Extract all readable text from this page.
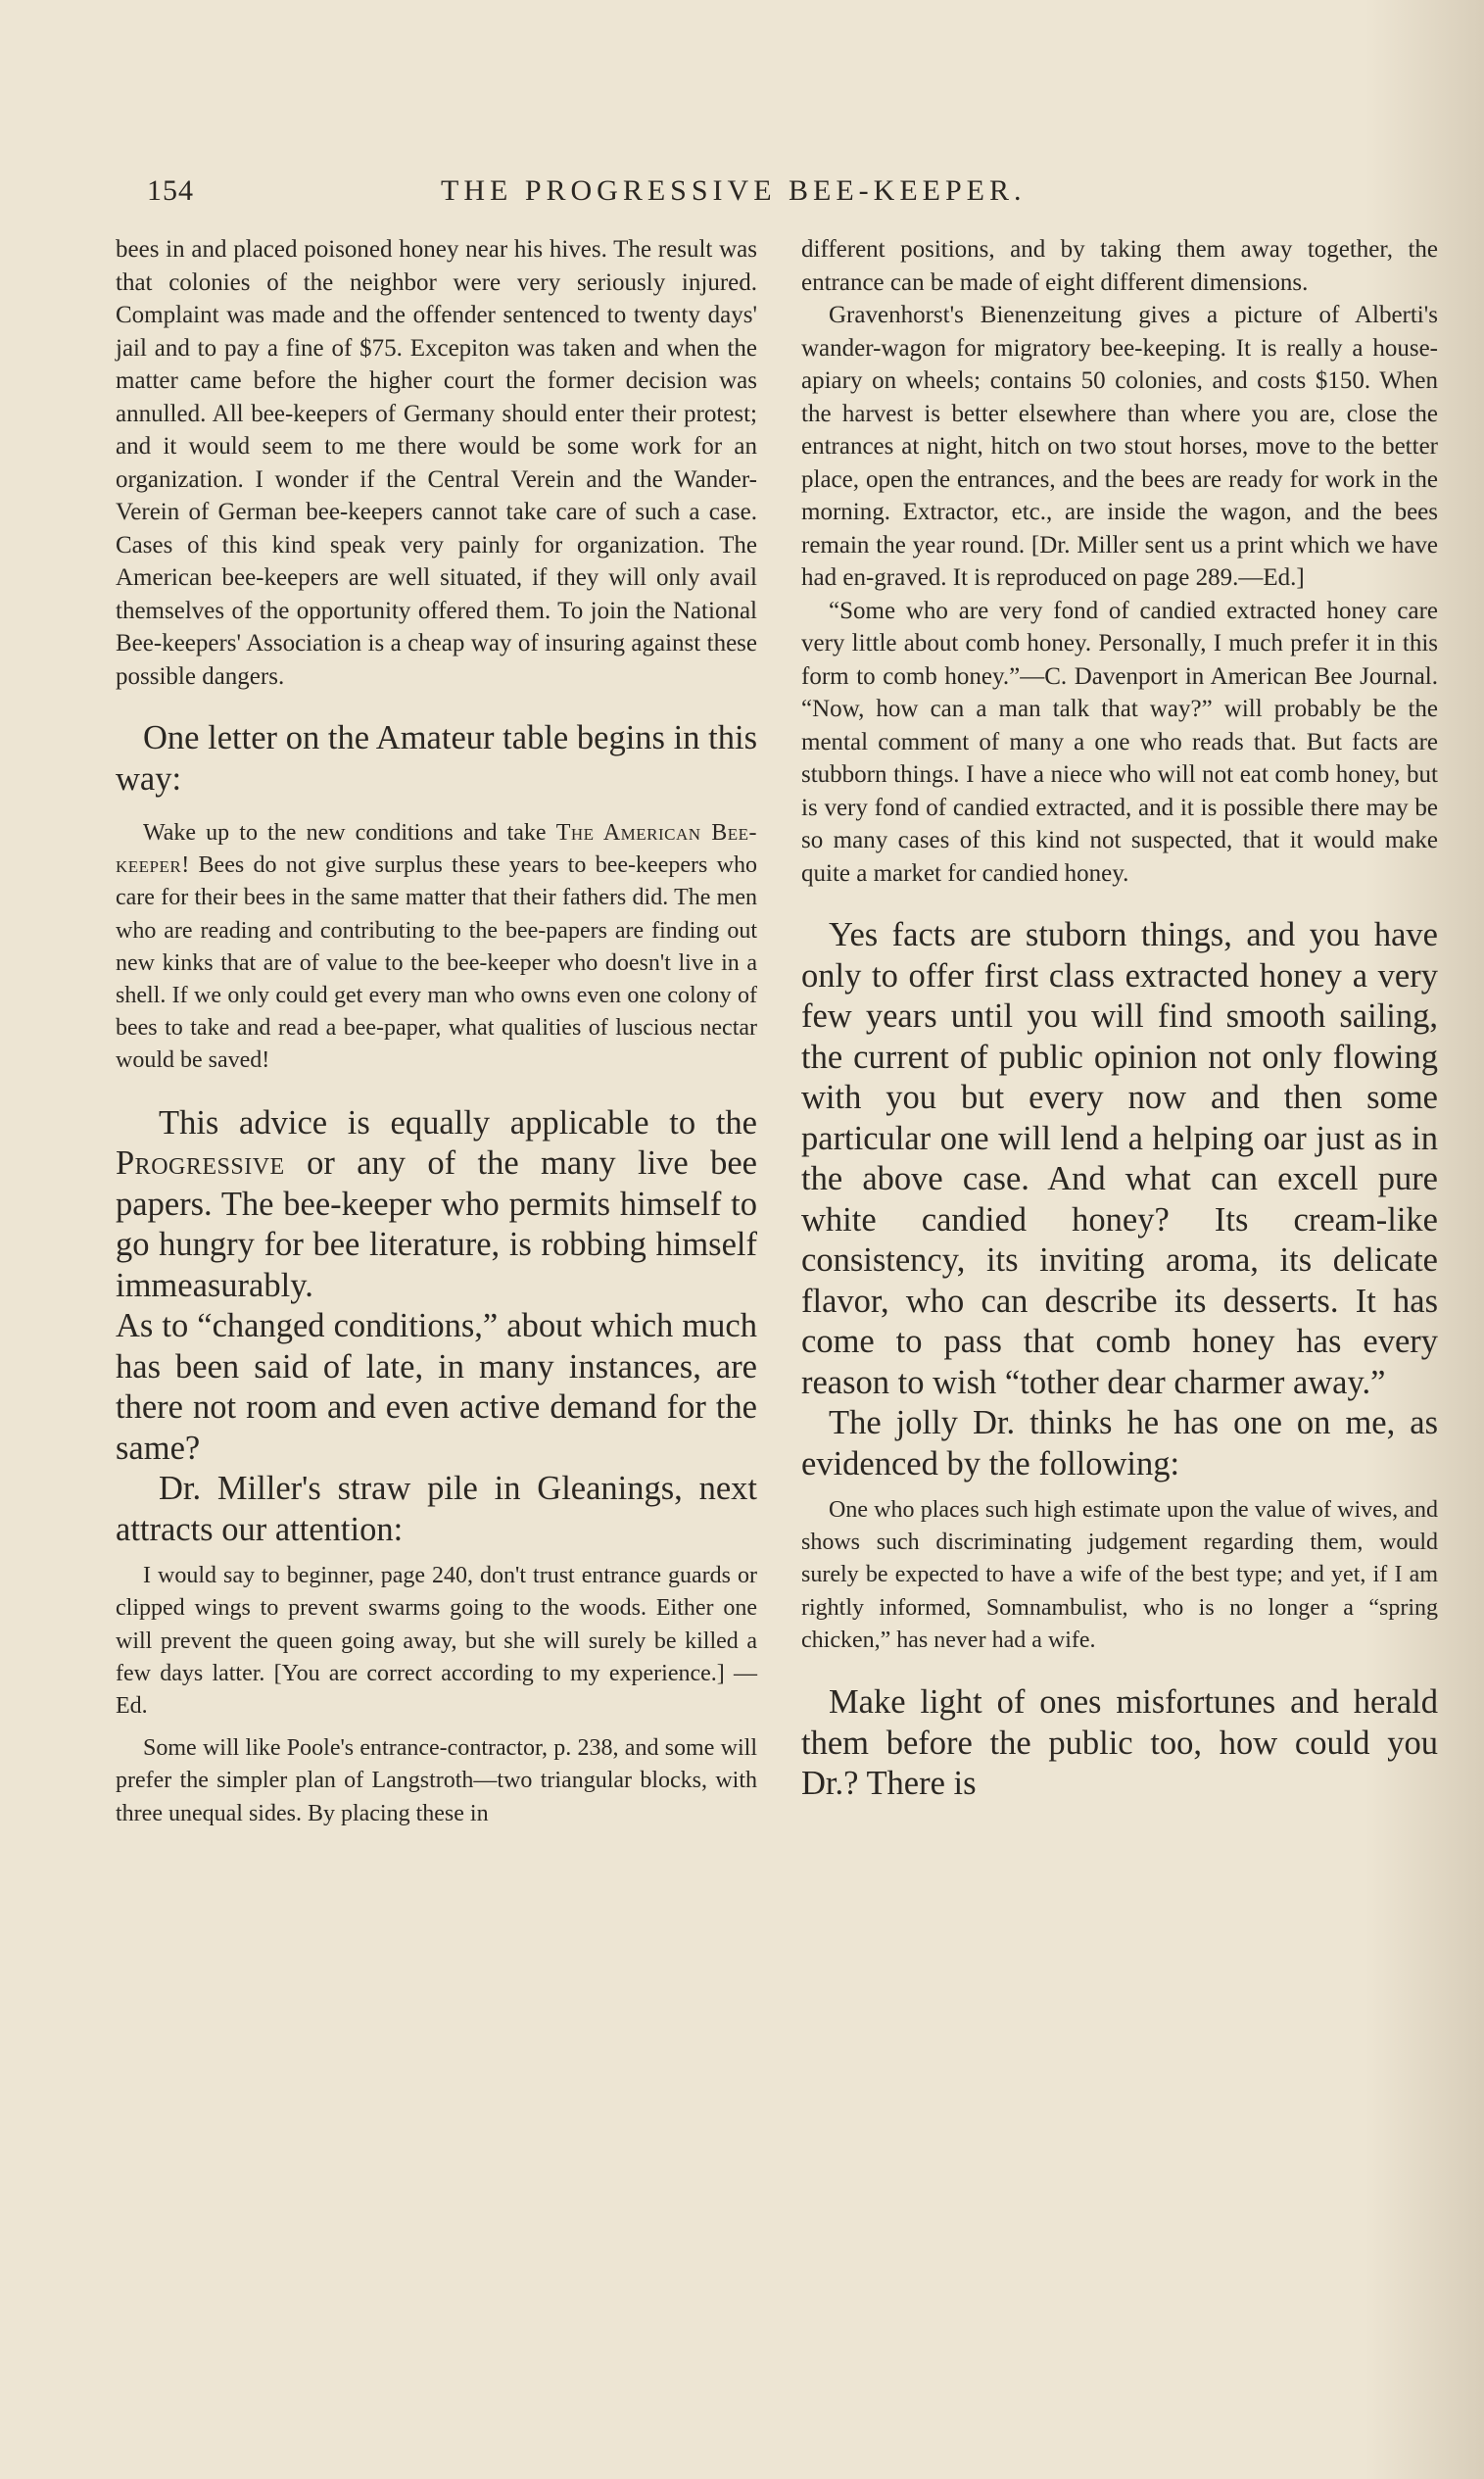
154	THE PROGRESSIVE BEE-KEEPER.

bees in and placed poisoned honey near his hives. The result was that colonies of the neighbor were very seriously injured. Complaint was made and the offender sentenced to twenty days' jail and to pay a fine of $75. Excepiton was taken and when the matter came before the higher court the former decision was annulled. All bee-keepers of Germany should enter their protest; and it would seem to me there would be some work for an organization. I wonder if the Central Verein and the Wander-Verein of German bee-keepers cannot take care of such a case. Cases of this kind speak very painly for organization. The American bee-keepers are well situated, if they will only avail themselves of the opportunity offered them. To join the National Bee-keepers' Association is a cheap way of insuring against these possible dangers.

One letter on the Amateur table begins in this way:

Wake up to the new conditions and take The American Bee-keeper! Bees do not give surplus these years to bee-keepers who care for their bees in the same matter that their fathers did. The men who are reading and contributing to the bee-papers are finding out new kinks that are of value to the bee-keeper who doesn't live in a shell. If we only could get every man who owns even one colony of bees to take and read a bee-paper, what qualities of luscious nectar would be saved!

This advice is equally applicable to the Progressive or any of the many live bee papers. The bee-keeper who permits himself to go hungry for bee literature, is robbing himself immeasurably.

As to “changed conditions,” about which much has been said of late, in many instances, are there not room and even active demand for the same?

Dr. Miller's straw pile in Gleanings, next attracts our attention:

I would say to beginner, page 240, don't trust entrance guards or clipped wings to prevent swarms going to the woods. Either one will prevent the queen going away, but she will surely be killed a few days latter. [You are correct according to my experience.] —Ed.

Some will like Poole's entrance-contractor, p. 238, and some will prefer the simpler plan of Langstroth—two triangular blocks, with three unequal sides. By placing these in

different positions, and by taking them away together, the entrance can be made of eight different dimensions.

Gravenhorst's Bienenzeitung gives a picture of Alberti's wander-wagon for migratory bee-keeping. It is really a house-apiary on wheels; contains 50 colonies, and costs $150. When the harvest is better elsewhere than where you are, close the entrances at night, hitch on two stout horses, move to the better place, open the entrances, and the bees are ready for work in the morning. Extractor, etc., are inside the wagon, and the bees remain the year round. [Dr. Miller sent us a print which we have had en-graved. It is reproduced on page 289.—Ed.]

“Some who are very fond of candied extracted honey care very little about comb honey. Personally, I much prefer it in this form to comb honey.”—C. Davenport in American Bee Journal. “Now, how can a man talk that way?” will probably be the mental comment of many a one who reads that. But facts are stubborn things. I have a niece who will not eat comb honey, but is very fond of candied extracted, and it is possible there may be so many cases of this kind not suspected, that it would make quite a market for candied honey.

Yes facts are stuborn things, and you have only to offer first class extracted honey a very few years until you will find smooth sailing, the current of public opinion not only flowing with you but every now and then some particular one will lend a helping oar just as in the above case. And what can excell pure white candied honey? Its cream-like consistency, its inviting aroma, its delicate flavor, who can describe its desserts. It has come to pass that comb honey has every reason to wish “tother dear charmer away.”

The jolly Dr. thinks he has one on me, as evidenced by the following:

One who places such high estimate upon the value of wives, and shows such discriminating judgement regarding them, would surely be expected to have a wife of the best type; and yet, if I am rightly informed, Somnambulist, who is no longer a “spring chicken,” has never had a wife.

Make light of ones misfortunes and herald them before the public too, how could you Dr.? There is
